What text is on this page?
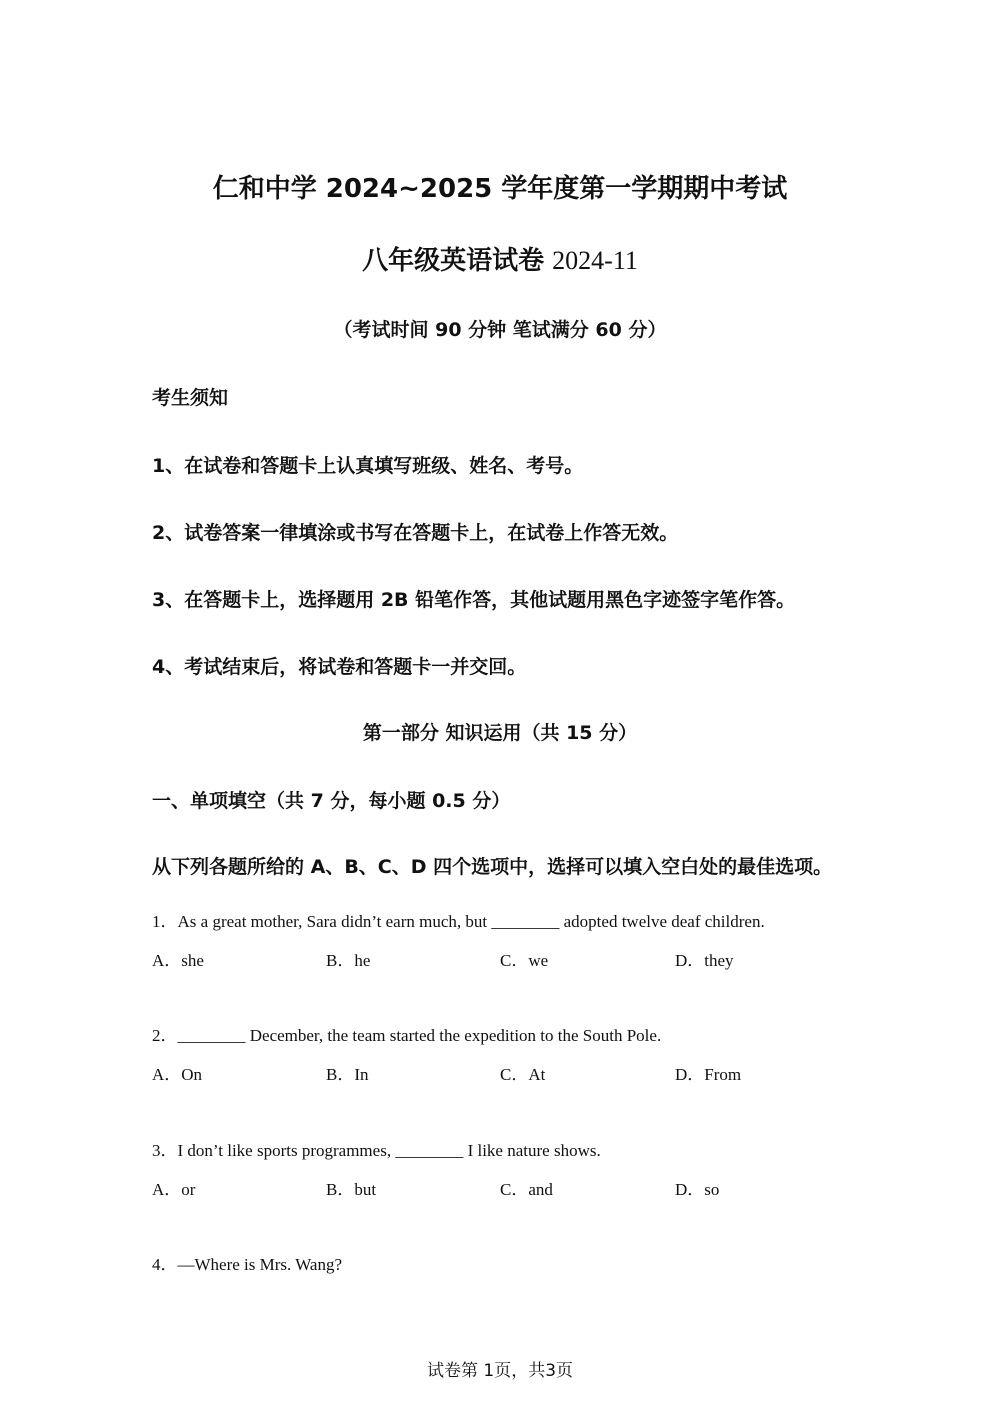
仁和中学 2024~2025 学年度第一学期期中考试
八年级英语试卷 2024-11
（考试时间 90 分钟 笔试满分 60 分）
考生须知
1、在试卷和答题卡上认真填写班级、姓名、考号。
2、试卷答案一律填涂或书写在答题卡上，在试卷上作答无效。
3、在答题卡上，选择题用 2B 铅笔作答，其他试题用黑色字迹签字笔作答。
4、考试结束后，将试卷和答题卡一并交回。
第一部分 知识运用（共 15 分）
一、单项填空（共 7 分，每小题 0.5 分）
从下列各题所给的 A、B、C、D 四个选项中，选择可以填入空白处的最佳选项。
1．As a great mother, Sara didn’t earn much, but ________ adopted twelve deaf children.
A．she	B．he	C．we	D．they
2．________ December, the team started the expedition to the South Pole.
A．On	B．In	C．At	D．From
3．I don’t like sports programmes, ________ I like nature shows.
A．or	B．but	C．and	D．so
4．—Where is Mrs. Wang?
试卷第 1页，共3页
